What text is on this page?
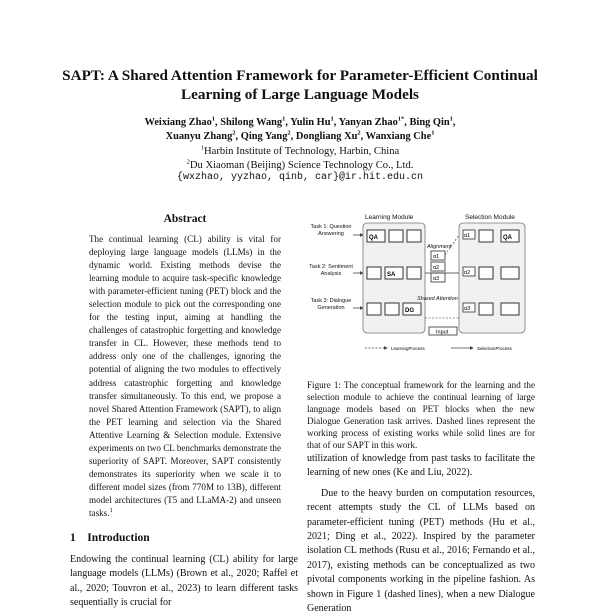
SAPT: A Shared Attention Framework for Parameter-Efficient Continual Learning of Large Language Models
Weixiang Zhao$^1$, Shilong Wang$^1$, Yulin Hu$^1$, Yanyan Zhao$^{1*}$, Bing Qin$^1$,
Xuanyu Zhang$^2$, Qing Yang$^2$, Dongliang Xu$^2$, Wanxiang Che$^1$
$^1$Harbin Institute of Technology, Harbin, China
$^2$Du Xiaoman (Beijing) Science Technology Co., Ltd.
{wxzhao, yyzhao, qinb, car}@ir.hit.edu.cn
Abstract
The continual learning (CL) ability is vital for deploying large language models (LLMs) in the dynamic world. Existing methods devise the learning module to acquire task-specific knowledge with parameter-efficient tuning (PET) block and the selection module to pick out the corresponding one for the testing input, aiming at handling the challenges of catastrophic forgetting and knowledge transfer in CL. However, these methods tend to address only one of the challenges, ignoring the potential of aligning the two modules to effectively address catastrophic forgetting and knowledge transfer simultaneously. To this end, we propose a novel Shared Attention Framework (SAPT), to align the PET learning and selection via the Shared Attentive Learning & Selection module. Extensive experiments on two CL benchmarks demonstrate the superiority of SAPT. Moreover, SAPT consistently demonstrates its superiority when we scale it to different model sizes (from 770M to 13B), different model architectures (T5 and LLaMA-2) and unseen tasks.$^1$
1 Introduction
Endowing the continual learning (CL) ability for large language models (LLMs) (Brown et al., 2020; Raffel et al., 2020; Touvron et al., 2023) to learn different tasks sequentially is crucial for
Learning Module	Selection Module
Task 1: Question Answering
Task 2: Sentiment Analysis
Task 3: Dialogue Generation
QA
SA
DG
Alignment
α1
α2
α3
Shared Attention
α1	QA
α2
α3
Input
LearningProcess	SelectionProcess
Figure 1: The conceptual framework for the learning and the selection module to achieve the continual learning of large language models based on PET blocks when the new Dialogue Generation task arrives. Dashed lines represent the working process of existing works while solid lines are for that of our SAPT in this work.

utilization of knowledge from past tasks to facilitate the learning of new ones (Ke and Liu, 2022).

Due to the heavy burden on computation resources, recent attempts study the CL of LLMs based on parameter-efficient tuning (PET) methods (Hu et al., 2021; Ding et al., 2022). Inspired by the parameter isolation CL methods (Rusu et al., 2016; Fernando et al., 2017), existing methods can be conceptualized as two pivotal components working in the pipeline fashion. As shown in Figure 1 (dashed lines), when a new Dialogue Generation
